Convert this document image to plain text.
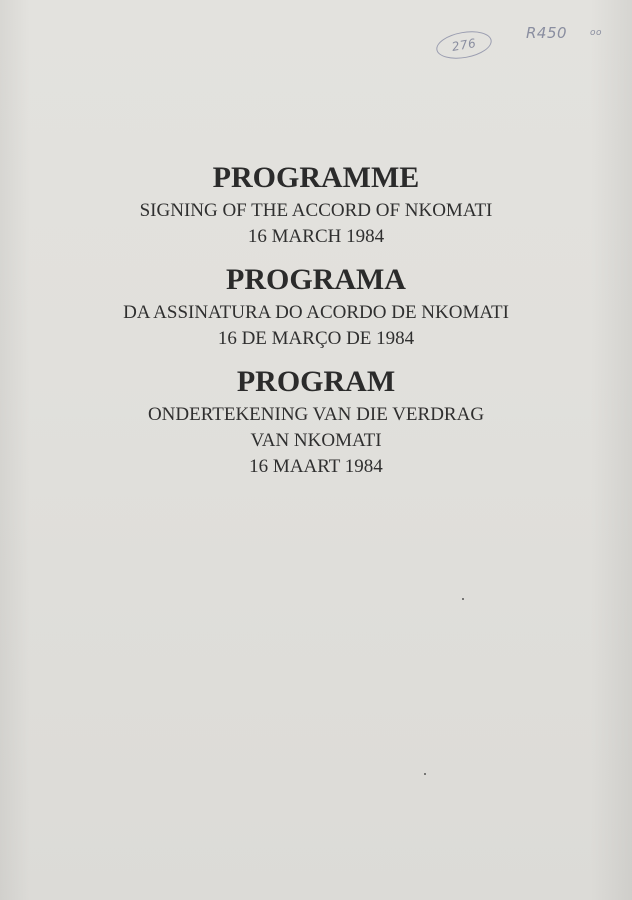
276
R450	oo
PROGRAMME

SIGNING OF THE ACCORD OF NKOMATI

16 MARCH 1984

PROGRAMA

DA ASSINATURA DO ACORDO DE NKOMATI

16 DE MARÇO DE 1984

PROGRAM

ONDERTEKENING VAN DIE VERDRAG

VAN NKOMATI

16 MAART 1984
